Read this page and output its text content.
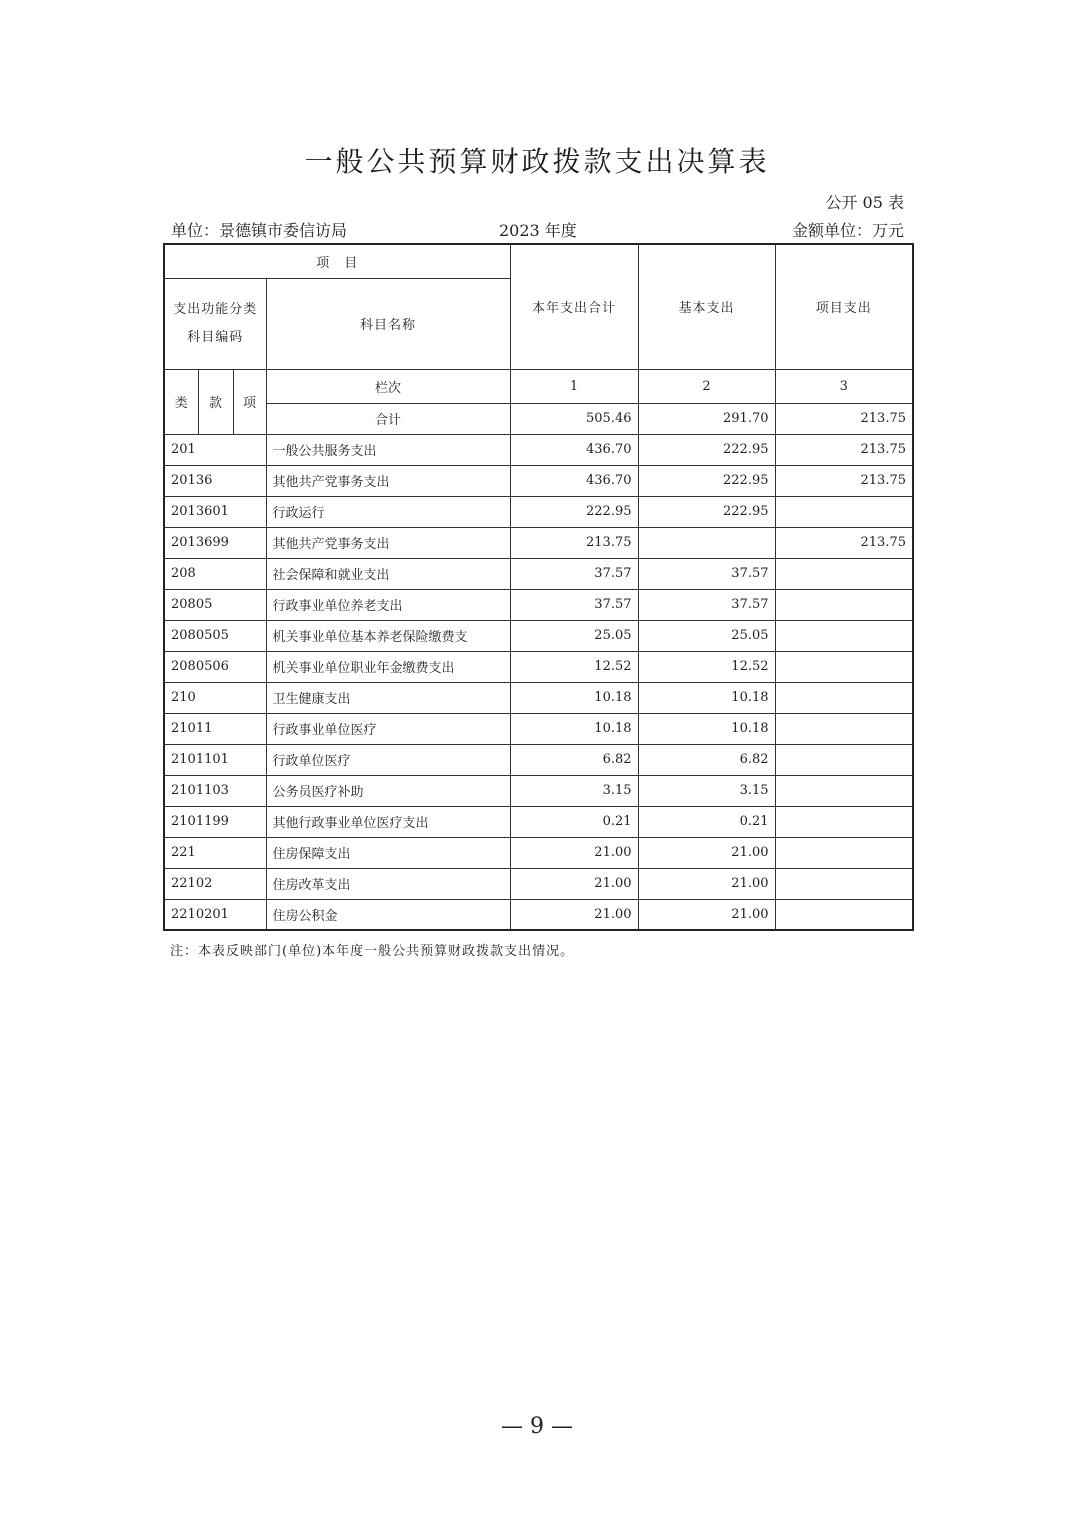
一般公共预算财政拨款支出决算表
公开 05 表
单位：景德镇市委信访局	2023 年度	金额单位：万元
项　目				本年支出合计	基本支出	项目支出

支出功能分类
科目编码			科目名称			
类	款	项	栏次	1	2	3
			合计	505.46	291.70	213.75
201			一般公共服务支出	436.70	222.95	213.75
20136			其他共产党事务支出	436.70	222.95	213.75
2013601			行政运行	222.95	222.95	
2013699			其他共产党事务支出	213.75		213.75
208			社会保障和就业支出	37.57	37.57	
20805			行政事业单位养老支出	37.57	37.57	
2080505			机关事业单位基本养老保险缴费支	25.05	25.05	
2080506			机关事业单位职业年金缴费支出	12.52	12.52	
210			卫生健康支出	10.18	10.18	
21011			行政事业单位医疗	10.18	10.18	
2101101			行政单位医疗	6.82	6.82	
2101103			公务员医疗补助	3.15	3.15	
2101199			其他行政事业单位医疗支出	0.21	0.21	
221			住房保障支出	21.00	21.00	
22102			住房改革支出	21.00	21.00	
2210201			住房公积金	21.00	21.00	
注：本表反映部门(单位)本年度一般公共预算财政拨款支出情况。
— 9 —
